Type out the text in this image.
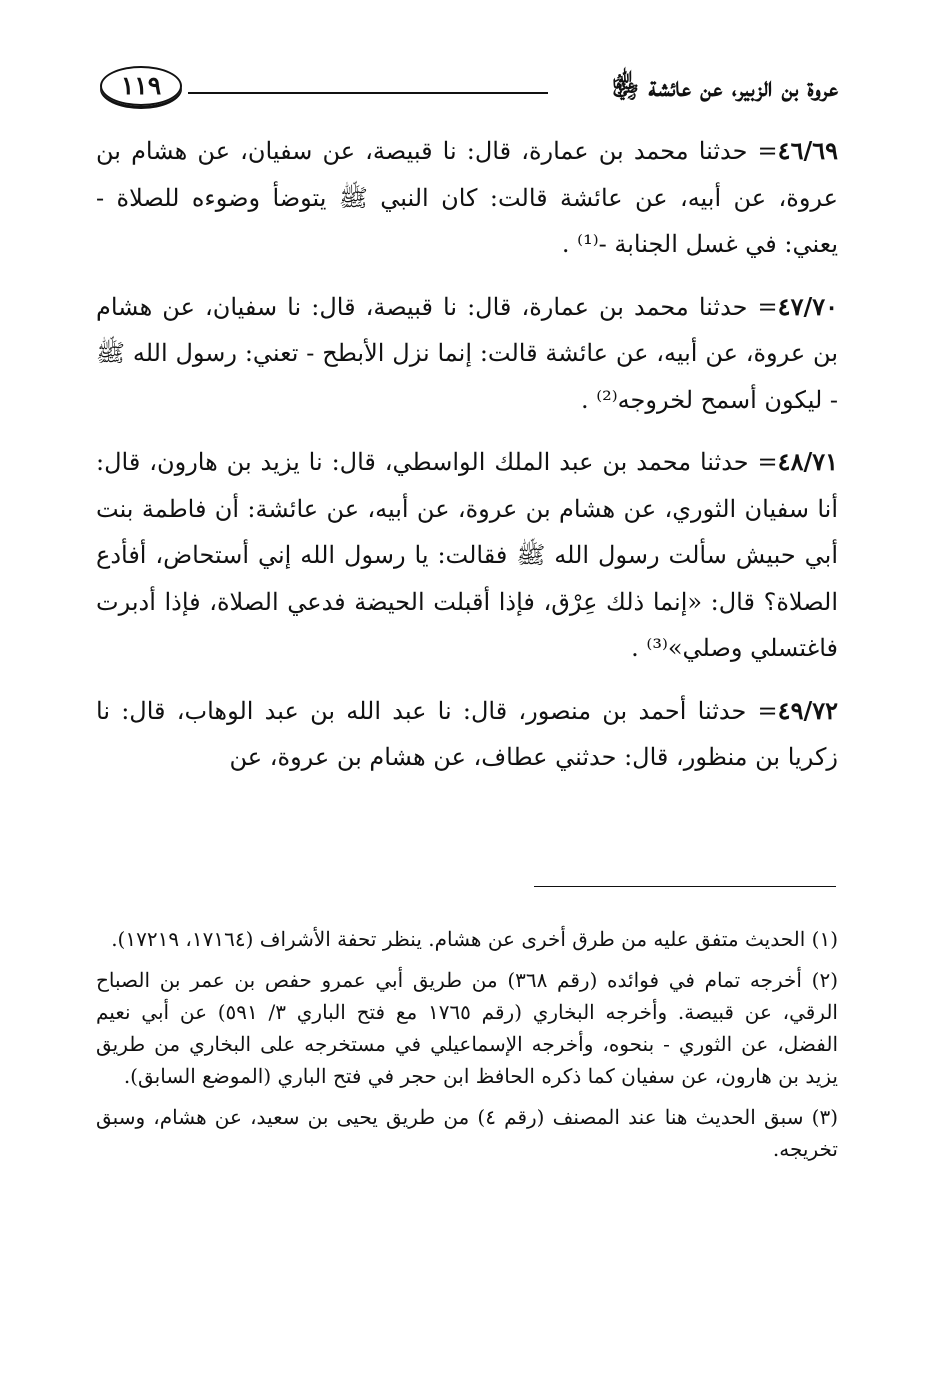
١١٩	عروة بن الزبير، عن عائشة ﵂

٤٦/٦٩= حدثنا محمد بن عمارة، قال: نا قبيصة، عن سفيان، عن هشام بن عروة، عن أبيه، عن عائشة قالت: كان النبي ﷺ يتوضأ وضوءه للصلاة - يعني: في غسل الجنابة -⁽¹⁾ .

٤٧/٧٠= حدثنا محمد بن عمارة، قال: نا قبيصة، قال: نا سفيان، عن هشام بن عروة، عن أبيه، عن عائشة قالت: إنما نزل الأبطح - تعني: رسول الله ﷺ - ليكون أسمح لخروجه⁽²⁾ .

٤٨/٧١= حدثنا محمد بن عبد الملك الواسطي، قال: نا يزيد بن هارون، قال: أنا سفيان الثوري، عن هشام بن عروة، عن أبيه، عن عائشة: أن فاطمة بنت أبي حبيش سألت رسول الله ﷺ فقالت: يا رسول الله إني أستحاض، أفأدع الصلاة؟ قال: «إنما ذلك عِرْق، فإذا أقبلت الحيضة فدعي الصلاة، فإذا أدبرت فاغتسلي وصلي»⁽³⁾ .

٤٩/٧٢= حدثنا أحمد بن منصور، قال: نا عبد الله بن عبد الوهاب، قال: نا زكريا بن منظور، قال: حدثني عطاف، عن هشام بن عروة، عن

(١) الحديث متفق عليه من طرق أخرى عن هشام. ينظر تحفة الأشراف (١٧١٦٤، ١٧٢١٩).

(٢) أخرجه تمام في فوائده (رقم ٣٦٨) من طريق أبي عمرو حفص بن عمر بن الصباح الرقي، عن قبيصة. وأخرجه البخاري (رقم ١٧٦٥ مع فتح الباري ٣/ ٥٩١) عن أبي نعيم الفضل، عن الثوري - بنحوه، وأخرجه الإسماعيلي في مستخرجه على البخاري من طريق يزيد بن هارون، عن سفيان كما ذكره الحافظ ابن حجر في فتح الباري (الموضع السابق).

(٣) سبق الحديث هنا عند المصنف (رقم ٤) من طريق يحيى بن سعيد، عن هشام، وسبق تخريجه.
